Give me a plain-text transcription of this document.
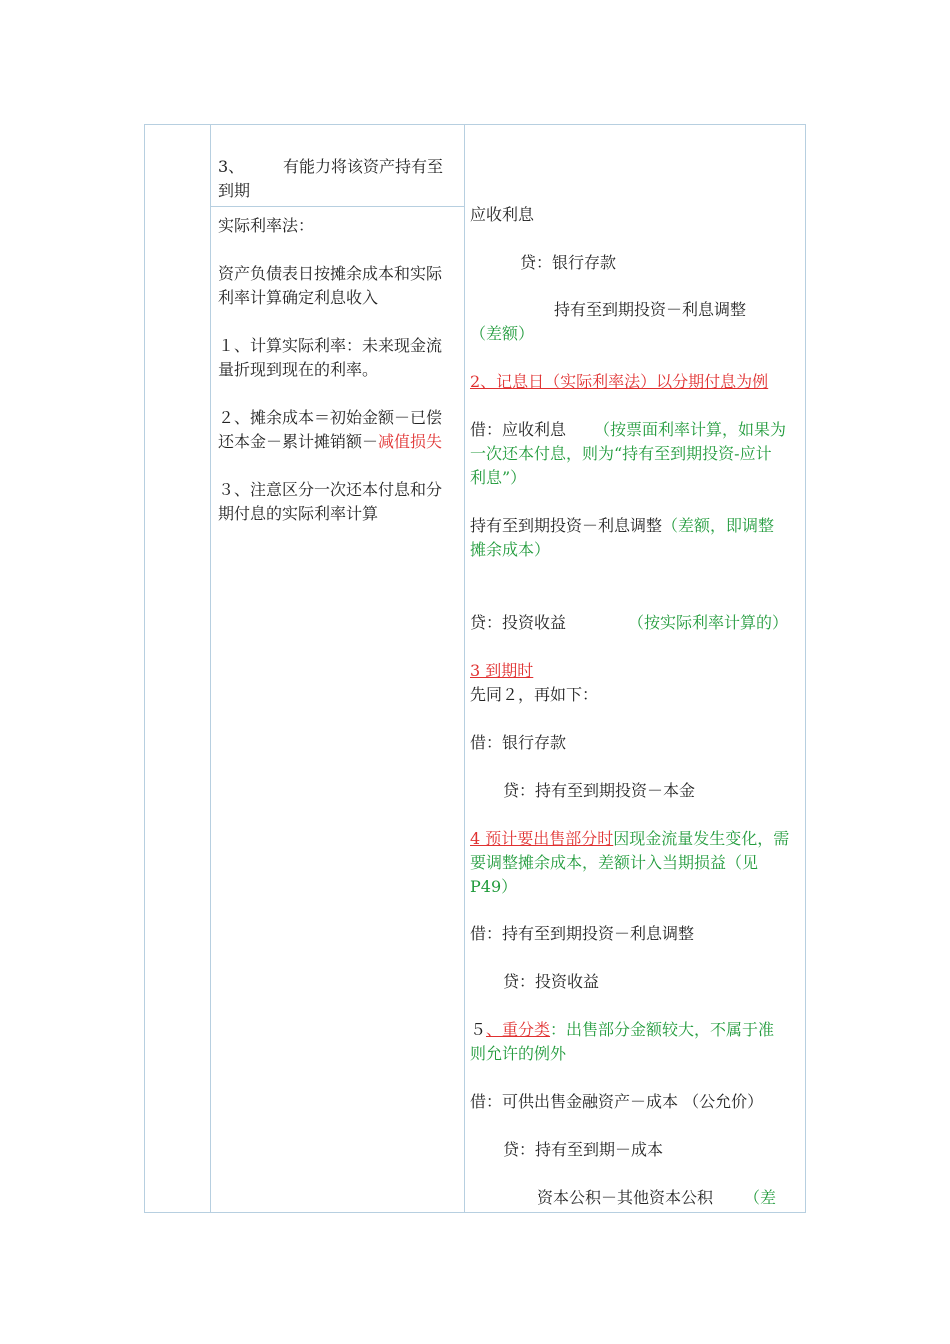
3、 有能力将该资产持有至
到期
实际利率法：
资产负债表日按摊余成本和实际
利率计算确定利息收入
１、计算实际利率：未来现金流
量折现到现在的利率。
２、摊余成本＝初始金额－已偿
还本金－累计摊销额－减值损失
３、注意区分一次还本付息和分
期付息的实际利率计算
应收利息
贷：银行存款
持有至到期投资－利息调整
（差额）
2、记息日（实际利率法）以分期付息为例
借：应收利息 （按票面利率计算，如果为
一次还本付息，则为“持有至到期投资-应计
利息”）
持有至到期投资－利息调整（差额，即调整
摊余成本）
贷：投资收益	（按实际利率计算的）
3 到期时
先同２，再如下：
借：银行存款
贷：持有至到期投资－本金
4 预计要出售部分时因现金流量发生变化，需
要调整摊余成本，差额计入当期损益（见
P49）
借：持有至到期投资－利息调整
贷：投资收益
５、重分类：出售部分金额较大，不属于准
则允许的例外
借：可供出售金融资产－成本 （公允价）
贷：持有至到期－成本
资本公积－其他资本公积 （差
